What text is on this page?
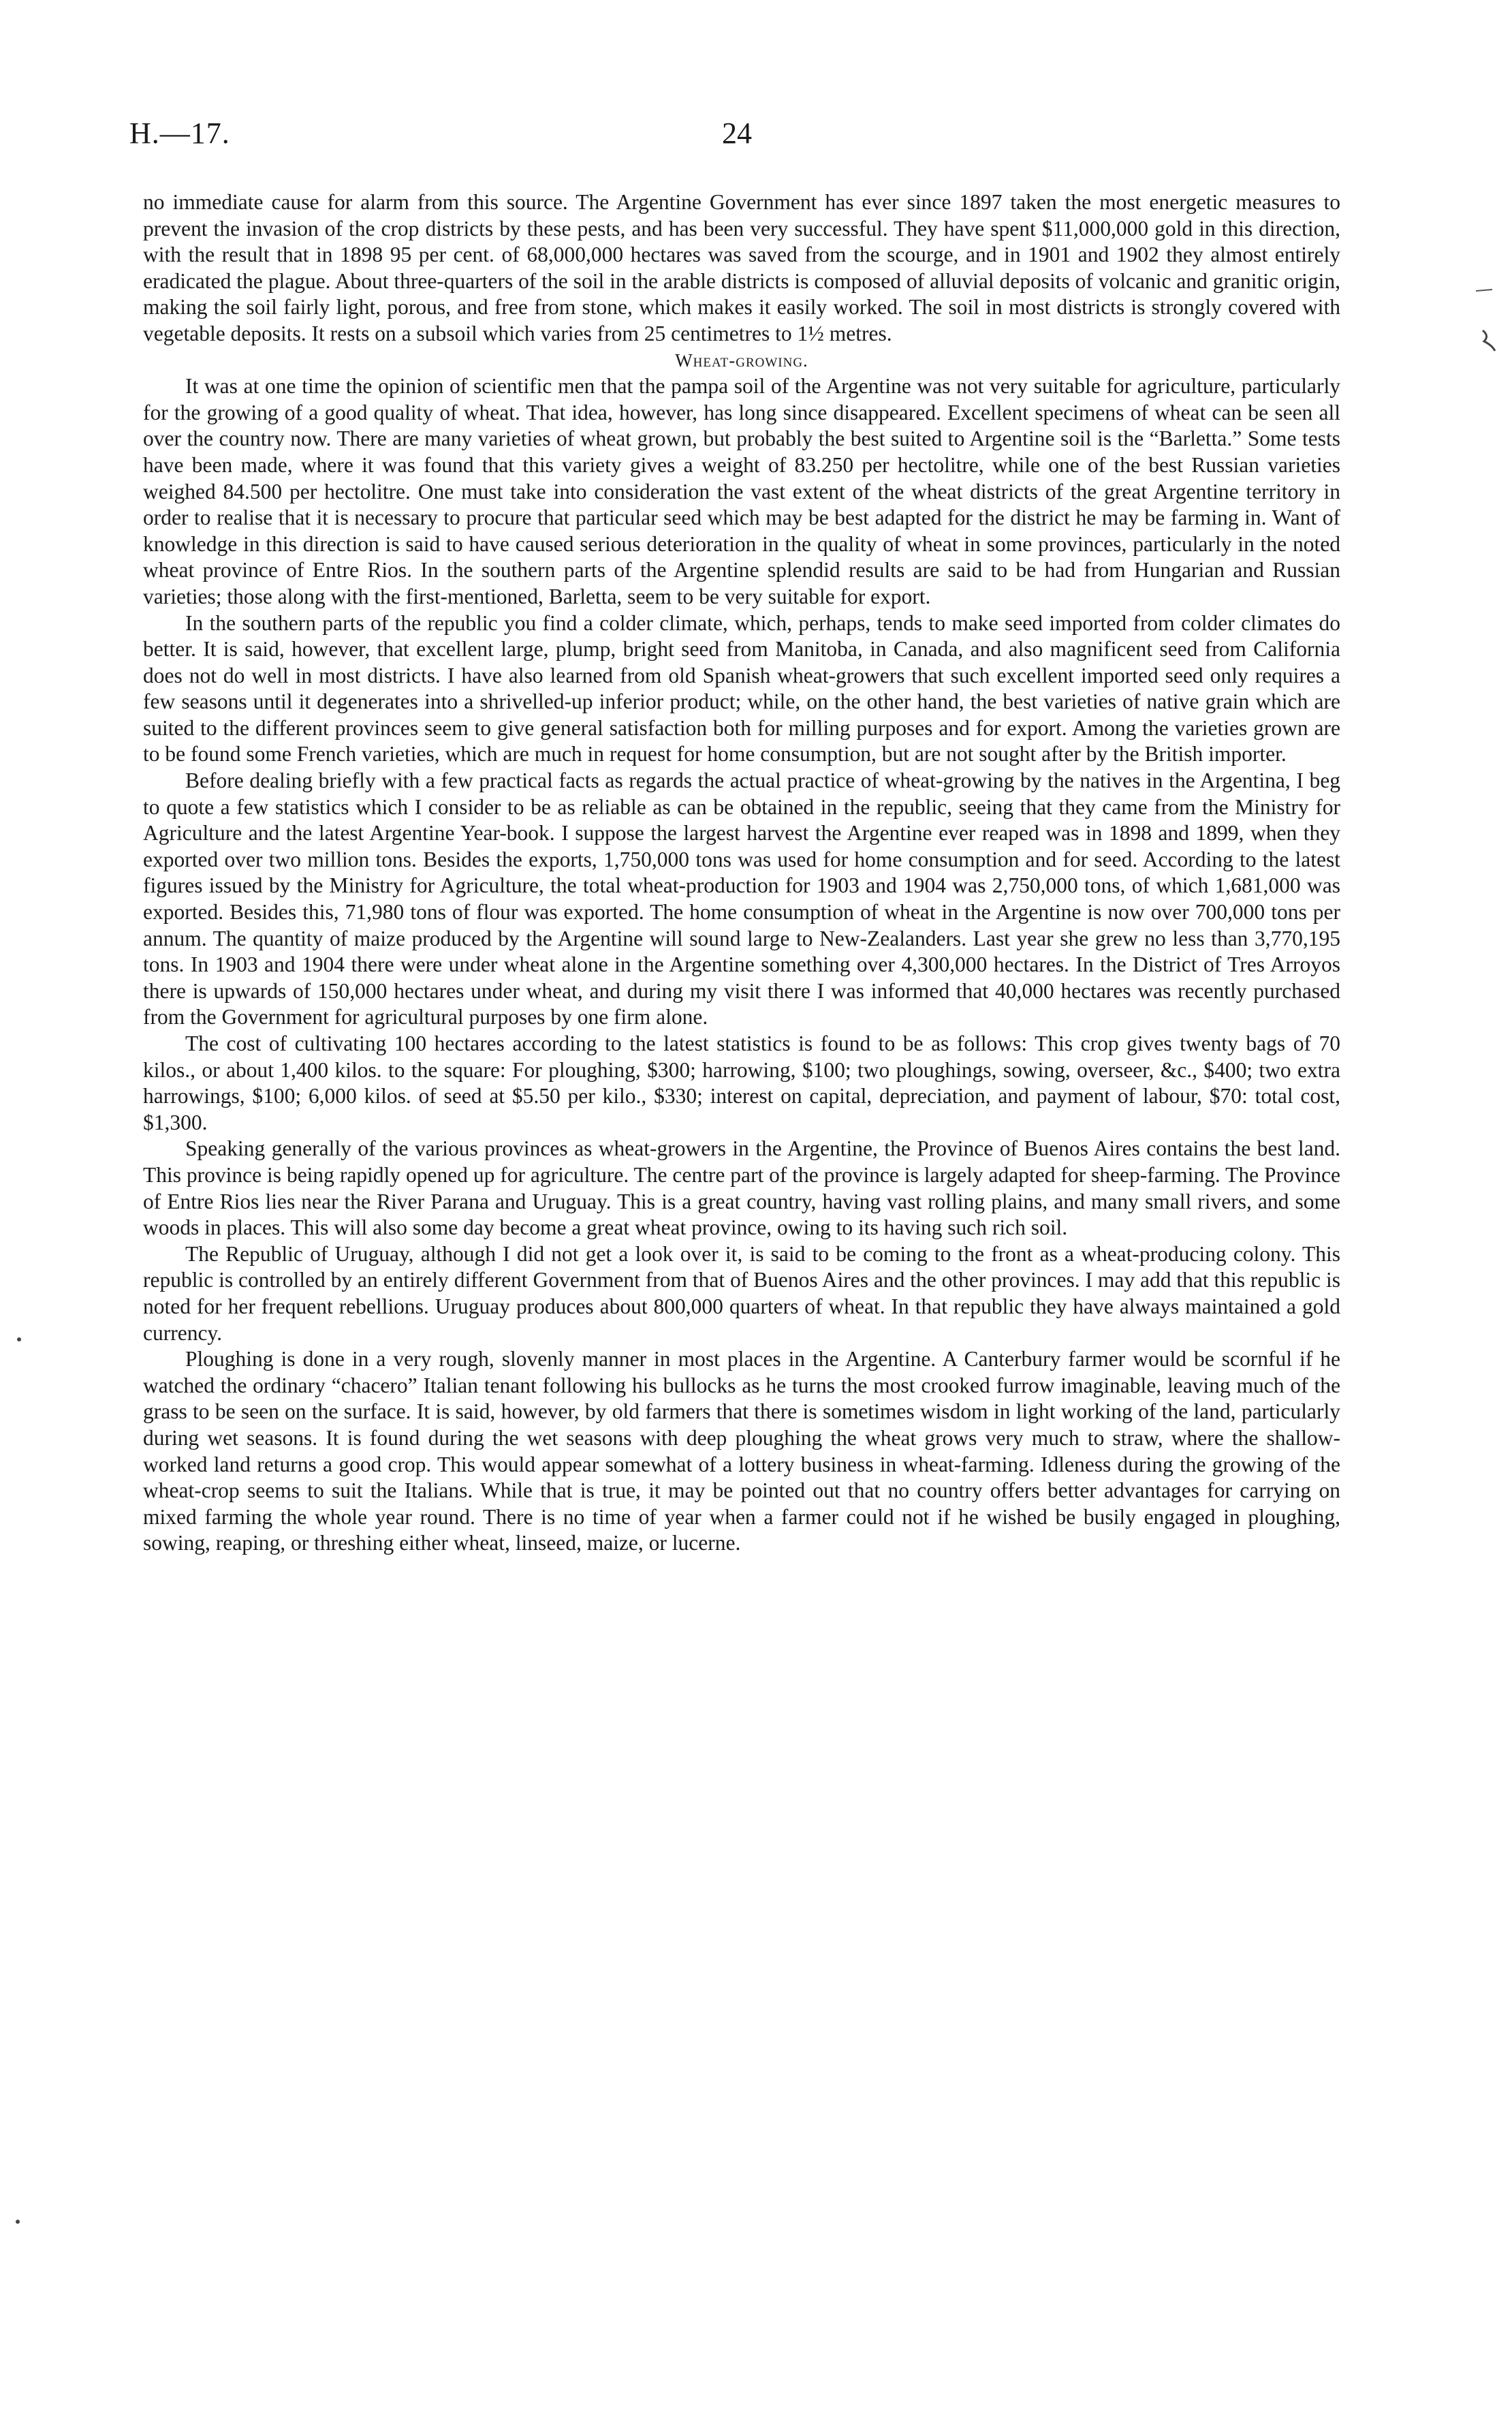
H.—17.	24

no immediate cause for alarm from this source. The Argentine Government has ever since 1897 taken the most energetic measures to prevent the invasion of the crop districts by these pests, and has been very successful. They have spent $11,000,000 gold in this direction, with the result that in 1898 95 per cent. of 68,000,000 hectares was saved from the scourge, and in 1901 and 1902 they almost entirely eradicated the plague. About three-quarters of the soil in the arable districts is composed of alluvial deposits of volcanic and granitic origin, making the soil fairly light, porous, and free from stone, which makes it easily worked. The soil in most districts is strongly covered with vegetable deposits. It rests on a subsoil which varies from 25 centimetres to 1½ metres.

Wheat-growing.

It was at one time the opinion of scientific men that the pampa soil of the Argentine was not very suitable for agriculture, particularly for the growing of a good quality of wheat. That idea, however, has long since disappeared. Excellent specimens of wheat can be seen all over the country now. There are many varieties of wheat grown, but probably the best suited to Argentine soil is the “Barletta.” Some tests have been made, where it was found that this variety gives a weight of 83.250 per hectolitre, while one of the best Russian varieties weighed 84.500 per hectolitre. One must take into consideration the vast extent of the wheat districts of the great Argentine territory in order to realise that it is necessary to procure that particular seed which may be best adapted for the district he may be farming in. Want of knowledge in this direction is said to have caused serious deterioration in the quality of wheat in some provinces, particularly in the noted wheat province of Entre Rios. In the southern parts of the Argentine splendid results are said to be had from Hungarian and Russian varieties; those along with the first-mentioned, Barletta, seem to be very suitable for export.

In the southern parts of the republic you find a colder climate, which, perhaps, tends to make seed imported from colder climates do better. It is said, however, that excellent large, plump, bright seed from Manitoba, in Canada, and also magnificent seed from California does not do well in most districts. I have also learned from old Spanish wheat-growers that such excellent imported seed only requires a few seasons until it degenerates into a shrivelled-up inferior product; while, on the other hand, the best varieties of native grain which are suited to the different provinces seem to give general satisfaction both for milling purposes and for export. Among the varieties grown are to be found some French varieties, which are much in request for home consumption, but are not sought after by the British importer.

Before dealing briefly with a few practical facts as regards the actual practice of wheat-growing by the natives in the Argentina, I beg to quote a few statistics which I consider to be as reliable as can be obtained in the republic, seeing that they came from the Ministry for Agriculture and the latest Argentine Year-book. I suppose the largest harvest the Argentine ever reaped was in 1898 and 1899, when they exported over two million tons. Besides the exports, 1,750,000 tons was used for home consumption and for seed. According to the latest figures issued by the Ministry for Agriculture, the total wheat-production for 1903 and 1904 was 2,750,000 tons, of which 1,681,000 was exported. Besides this, 71,980 tons of flour was exported. The home consumption of wheat in the Argentine is now over 700,000 tons per annum. The quantity of maize produced by the Argentine will sound large to New-Zealanders. Last year she grew no less than 3,770,195 tons. In 1903 and 1904 there were under wheat alone in the Argentine something over 4,300,000 hectares. In the District of Tres Arroyos there is upwards of 150,000 hectares under wheat, and during my visit there I was informed that 40,000 hectares was recently purchased from the Government for agricultural purposes by one firm alone.

The cost of cultivating 100 hectares according to the latest statistics is found to be as follows: This crop gives twenty bags of 70 kilos., or about 1,400 kilos. to the square: For ploughing, $300; harrowing, $100; two ploughings, sowing, overseer, &c., $400; two extra harrowings, $100; 6,000 kilos. of seed at $5.50 per kilo., $330; interest on capital, depreciation, and payment of labour, $70: total cost, $1,300.

Speaking generally of the various provinces as wheat-growers in the Argentine, the Province of Buenos Aires contains the best land. This province is being rapidly opened up for agriculture. The centre part of the province is largely adapted for sheep-farming. The Province of Entre Rios lies near the River Parana and Uruguay. This is a great country, having vast rolling plains, and many small rivers, and some woods in places. This will also some day become a great wheat province, owing to its having such rich soil.

The Republic of Uruguay, although I did not get a look over it, is said to be coming to the front as a wheat-producing colony. This republic is controlled by an entirely different Government from that of Buenos Aires and the other provinces. I may add that this republic is noted for her frequent rebellions. Uruguay produces about 800,000 quarters of wheat. In that republic they have always maintained a gold currency.

Ploughing is done in a very rough, slovenly manner in most places in the Argentine. A Canterbury farmer would be scornful if he watched the ordinary “chacero” Italian tenant following his bullocks as he turns the most crooked furrow imaginable, leaving much of the grass to be seen on the surface. It is said, however, by old farmers that there is sometimes wisdom in light working of the land, particularly during wet seasons. It is found during the wet seasons with deep ploughing the wheat grows very much to straw, where the shallow-worked land returns a good crop. This would appear somewhat of a lottery business in wheat-farming. Idleness during the growing of the wheat-crop seems to suit the Italians. While that is true, it may be pointed out that no country offers better advantages for carrying on mixed farming the whole year round. There is no time of year when a farmer could not if he wished be busily engaged in ploughing, sowing, reaping, or threshing either wheat, linseed, maize, or lucerne.
